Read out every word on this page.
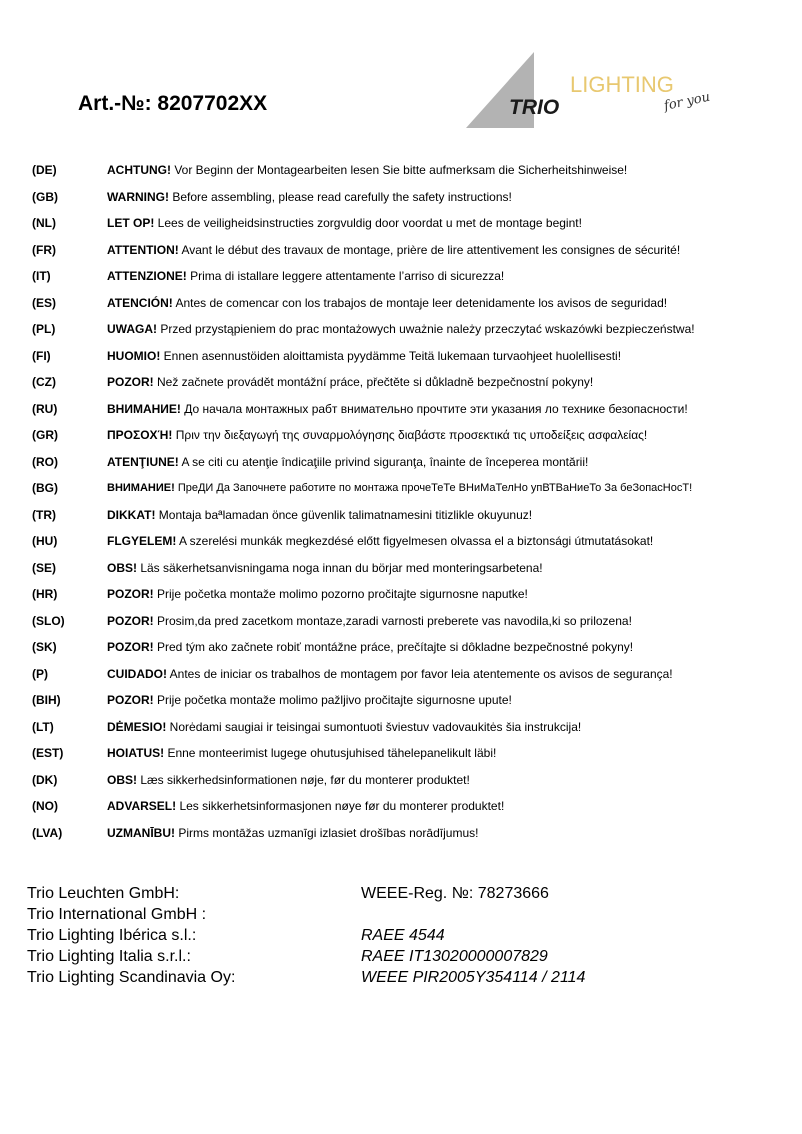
Art.-№: 8207702XX	TRIO
LIGHTING
for you
(DE)	ACHTUNG! Vor Beginn der Montagearbeiten lesen Sie bitte aufmerksam die Sicherheitshinweise!
(GB)	WARNING! Before assembling, please read carefully the safety instructions!
(NL)	LET OP! Lees de veiligheidsinstructies zorgvuldig door voordat u met de montage begint!
(FR)	ATTENTION! Avant le début des travaux de montage, prière de lire attentivement les consignes de sécurité!
(IT)	ATTENZIONE! Prima di istallare leggere attentamente l’arriso di sicurezza!
(ES)	ATENCIÓN! Antes de comencar con los trabajos de montaje leer detenidamente los avisos de seguridad!
(PL)	UWAGA! Przed przystąpieniem do prac montażowych uważnie należy przeczytać wskazówki bezpieczeństwa!
(FI)	HUOMIO! Ennen asennustöiden aloittamista pyydämme Teitä lukemaan turvaohjeet huolellisesti!
(CZ)	POZOR! Než začnete provádět montážní práce, přečtěte si důkladně bezpečnostní pokyny!
(RU)	ВНИМАНИЕ! До начала монтажных рабт внимательно прочтите эти указания ло технике безопасности!
(GR)	ΠΡΟΣΟΧΉ! Πριν την διεξαγωγή της συναρμολόγησης διαβάστε προσεκτικά τις υποδείξεις ασφαλείας!
(RO)	ATENŢIUNE! A se citi cu atenţie îndicaţiile privind siguranţa, înainte de începerea montării!
(BG)	ВНИМАНИЕ! ПреДИ Да Започнете работите по монтажа прочеТеТе ВНиМаТелНо упВТВаНиеТо За беЗопасНосТ!
(TR)	DIKKAT! Montaja baªlamadan önce güvenlik talimatnamesini titizlikle okuyunuz!
(HU)	FLGYELEM! A szerelési munkák megkezdésé előtt figyelmesen olvassa el a biztonsági útmutatásokat!
(SE)	OBS! Läs säkerhetsanvisningama noga innan du börjar med monteringsarbetena!
(HR)	POZOR! Prije početka montaže molimo pozorno pročitajte sigurnosne naputke!
(SLO)	POZOR! Prosim,da pred zacetkom montaze,zaradi varnosti preberete vas navodila,ki so prilozena!
(SK)	POZOR! Pred tým ako začnete robiť montážne práce, prečítajte si dôkladne bezpečnostné pokyny!
(P)	CUIDADO! Antes de iniciar os trabalhos de montagem por favor leia atentemente os avisos de segurança!
(BIH)	POZOR! Prije početka montaže molimo pažljivo pročitajte sigurnosne upute!
(LT)	DĖMESIO! Norėdami saugiai ir teisingai sumontuoti šviestuv vadovaukitės šia instrukcija!
(EST)	HOIATUS! Enne monteerimist lugege ohutusjuhised tähelepanelikult läbi!
(DK)	OBS! Læs sikkerhedsinformationen nøje, før du monterer produktet!
(NO)	ADVARSEL! Les sikkerhetsinformasjonen nøye før du monterer produktet!
(LVA)	UZMANĪBU! Pirms montāžas uzmanīgi izlasiet drošības norādījumus!
Trio Leuchten GmbH:	WEEE-Reg. №: 78273666
Trio International GmbH :
Trio Lighting Ibérica s.l.:	RAEE 4544
Trio Lighting Italia s.r.l.:	RAEE IT13020000007829
Trio Lighting Scandinavia Oy:	WEEE PIR2005Y354114 / 2114
